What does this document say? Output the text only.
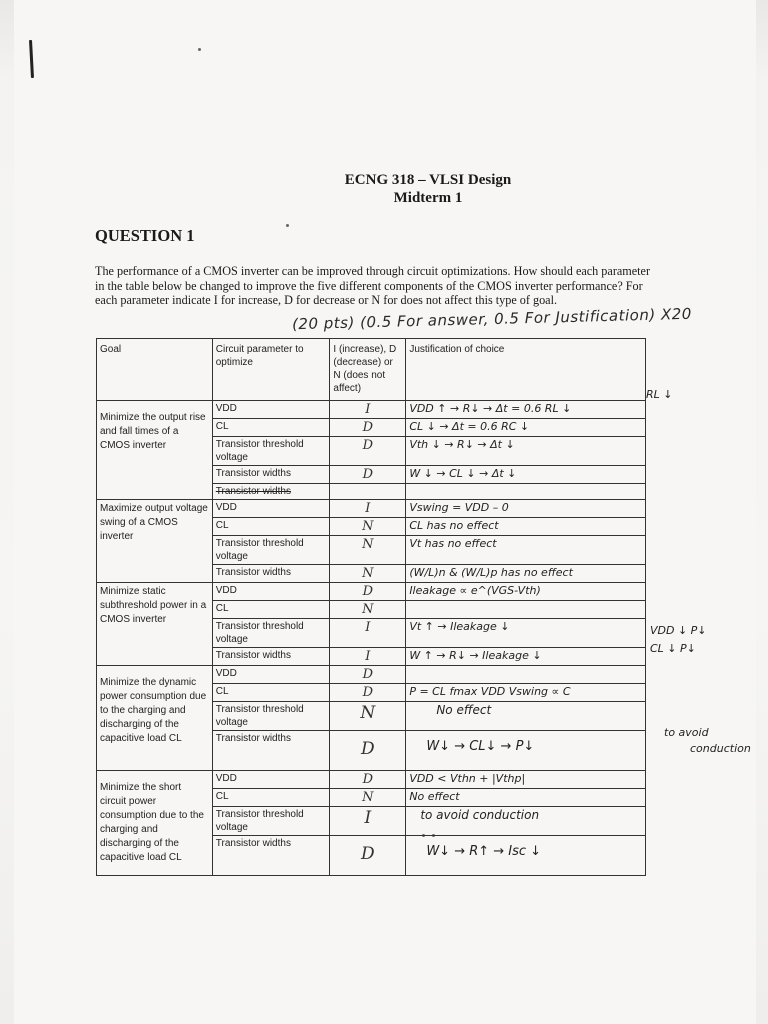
ECNG 318 – VLSI Design
Midterm 1
QUESTION 1
The performance of a CMOS inverter can be improved through circuit optimizations. How should each parameter in the table below be changed to improve the five different components of the CMOS inverter performance? For each parameter indicate I for increase, D for decrease or N for does not affect this type of goal.
(20 pts) (0.5 For answer, 0.5 For Justification) X20
Goal	Circuit parameter to optimize	I (increase), D (decrease) or N (does not affect)	Justification of choice
Minimize the output rise and fall times of a CMOS inverter	VDD	I	VDD ↑ → R↓ → Δt = 0.6 RL ↓
	CL	D	CL ↓ → Δt = 0.6 RC ↓
	Transistor threshold voltage	D	Vth ↓ → R↓ → Δt ↓
	Transistor widths	D	W ↓ → CL ↓ → Δt ↓
	Transistor widths		
Maximize output voltage swing of a CMOS inverter	VDD	I	Vswing = VDD – 0
	CL	N	CL has no effect
	Transistor threshold voltage	N	Vt has no effect
	Transistor widths	N	(W/L)n & (W/L)p has no effect
Minimize static subthreshold power in a CMOS inverter	VDD	D	Ileakage ∝ e^(VGS-Vth)
	CL	N	
	Transistor threshold voltage	I	Vt ↑ → Ileakage ↓
	Transistor widths	I	W ↑ → R↓ → Ileakage ↓
Minimize the dynamic power consumption due to the charging and discharging of the capacitive load CL	VDD	D	
	CL	D	P = CL fmax VDD Vswing ∝ C
	Transistor threshold voltage	N	No effect
	Transistor widths	D	W↓ → CL↓ → P↓
Minimize the short circuit power consumption due to the charging and discharging of the capacitive load CL	VDD	D	VDD < Vthn + |Vthp|
	CL	N	No effect
	Transistor threshold voltage	I	to avoid conduction
	Transistor widths	D	W↓ → R↑ → Isc ↓
RL ↓
VDD ↓ P↓
CL ↓ P↓
to avoid
conduction
